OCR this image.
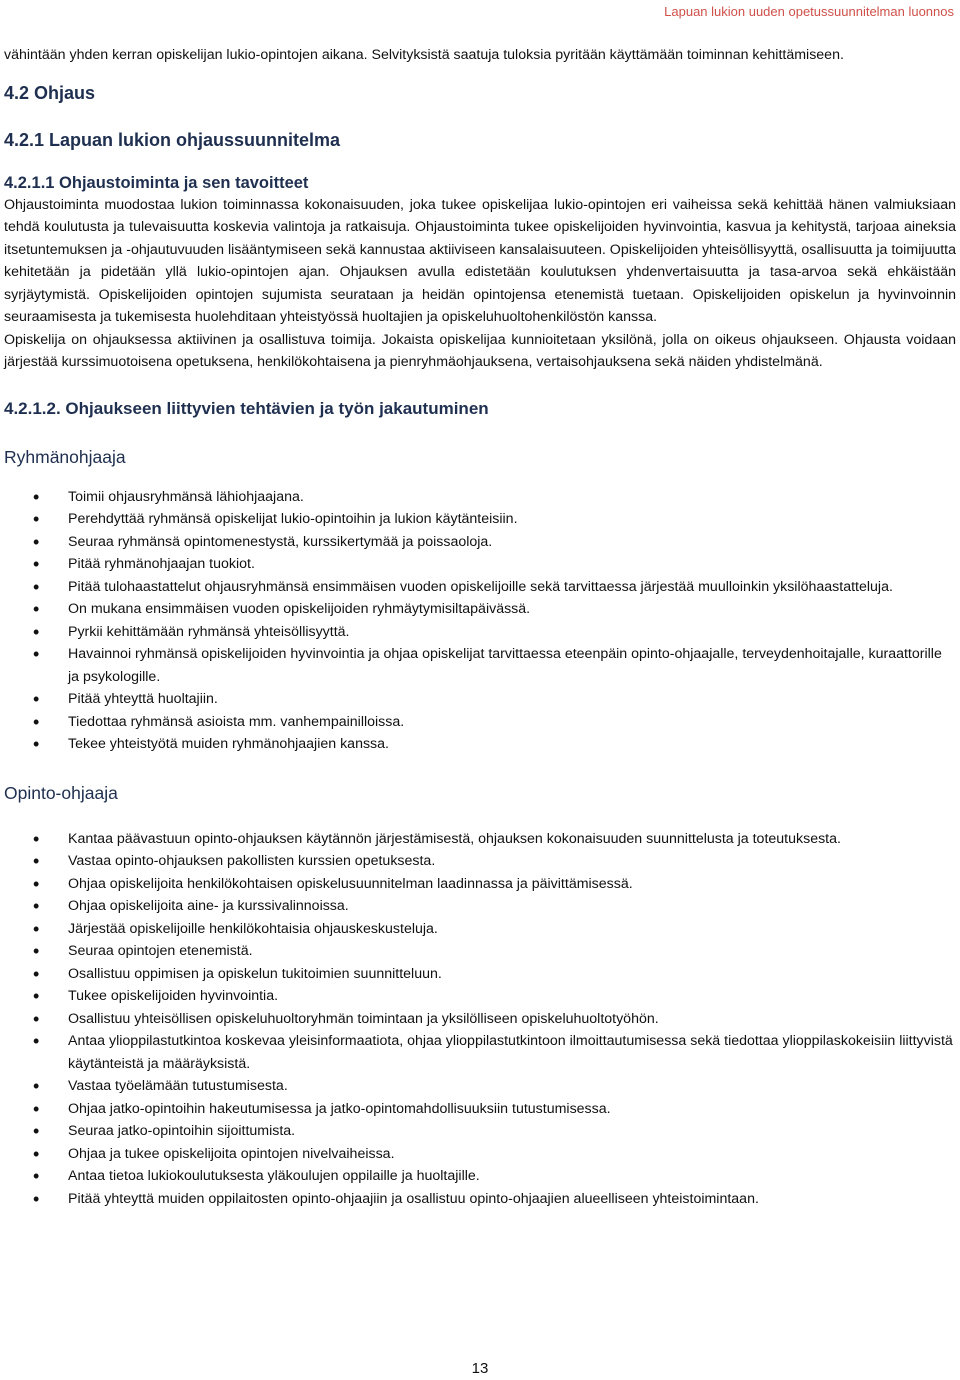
Lapuan lukion uuden opetussuunnitelman luonnos

vähintään yhden kerran opiskelijan lukio-opintojen aikana. Selvityksistä saatuja tuloksia pyritään käyttämään toiminnan kehittämiseen.

4.2 Ohjaus
4.2.1 Lapuan lukion ohjaussuunnitelma
4.2.1.1 Ohjaustoiminta ja sen tavoitteet

Ohjaustoiminta muodostaa lukion toiminnassa kokonaisuuden, joka tukee opiskelijaa lukio-opintojen eri vaiheissa sekä kehittää hänen valmiuksiaan tehdä koulutusta ja tulevaisuutta koskevia valintoja ja ratkaisuja. Ohjaustoiminta tukee opiskelijoiden hyvinvointia, kasvua ja kehitystä, tarjoaa aineksia itsetuntemuksen ja -ohjautuvuuden lisääntymiseen sekä kannustaa aktiiviseen kansalaisuuteen. Opiskelijoiden yhteisöllisyyttä, osallisuutta ja toimijuutta kehitetään ja pidetään yllä lukio-opintojen ajan. Ohjauksen avulla edistetään koulutuksen yhdenvertaisuutta ja tasa-arvoa sekä ehkäistään syrjäytymistä. Opiskelijoiden opintojen sujumista seurataan ja heidän opintojensa etenemistä tuetaan. Opiskelijoiden opiskelun ja hyvinvoinnin seuraamisesta ja tukemisesta huolehditaan yhteistyössä huoltajien ja opiskeluhuoltohenkilöstön kanssa.

Opiskelija on ohjauksessa aktiivinen ja osallistuva toimija. Jokaista opiskelijaa kunnioitetaan yksilönä, jolla on oikeus ohjaukseen. Ohjausta voidaan järjestää kurssimuotoisena opetuksena, henkilökohtaisena ja pienryhmäohjauksena, vertaisohjauksena sekä näiden yhdistelmänä.

4.2.1.2. Ohjaukseen liittyvien tehtävien ja työn jakautuminen
Ryhmänohjaaja
• Toimii ohjausryhmänsä lähiohjaajana.
• Perehdyttää ryhmänsä opiskelijat lukio-opintoihin ja lukion käytänteisiin.
• Seuraa ryhmänsä opintomenestystä, kurssikertymää ja poissaoloja.
• Pitää ryhmänohjaajan tuokiot.
• Pitää tulohaastattelut ohjausryhmänsä ensimmäisen vuoden opiskelijoille sekä tarvittaessa järjestää muulloinkin yksilöhaastatteluja.
• On mukana ensimmäisen vuoden opiskelijoiden ryhmäytymisiltapäivässä.
• Pyrkii kehittämään ryhmänsä yhteisöllisyyttä.
• Havainnoi ryhmänsä opiskelijoiden hyvinvointia ja ohjaa opiskelijat tarvittaessa eteenpäin opinto-ohjaajalle, terveydenhoitajalle, kuraattorille ja psykologille.
• Pitää yhteyttä huoltajiin.
• Tiedottaa ryhmänsä asioista mm. vanhempainilloissa.
• Tekee yhteistyötä muiden ryhmänohjaajien kanssa.
Opinto-ohjaaja
• Kantaa päävastuun opinto-ohjauksen käytännön järjestämisestä, ohjauksen kokonaisuuden suunnittelusta ja toteutuksesta.
• Vastaa opinto-ohjauksen pakollisten kurssien opetuksesta.
• Ohjaa opiskelijoita henkilökohtaisen opiskelusuunnitelman laadinnassa ja päivittämisessä.
• Ohjaa opiskelijoita aine- ja kurssivalinnoissa.
• Järjestää opiskelijoille henkilökohtaisia ohjauskeskusteluja.
• Seuraa opintojen etenemistä.
• Osallistuu oppimisen ja opiskelun tukitoimien suunnitteluun.
• Tukee opiskelijoiden hyvinvointia.
• Osallistuu yhteisöllisen opiskeluhuoltoryhmän toimintaan ja yksilölliseen opiskeluhuoltotyöhön.
• Antaa ylioppilastutkintoa koskevaa yleisinformaatiota, ohjaa ylioppilastutkintoon ilmoittautumisessa sekä tiedottaa ylioppilaskokeisiin liittyvistä käytänteistä ja määräyksistä.
• Vastaa työelämään tutustumisesta.
• Ohjaa jatko-opintoihin hakeutumisessa ja jatko-opintomahdollisuuksiin tutustumisessa.
• Seuraa jatko-opintoihin sijoittumista.
• Ohjaa ja tukee opiskelijoita opintojen nivelvaiheissa.
• Antaa tietoa lukiokoulutuksesta yläkoulujen oppilaille ja huoltajille.
• Pitää yhteyttä muiden oppilaitosten opinto-ohjaajiin ja osallistuu opinto-ohjaajien alueelliseen yhteistoimintaan.
13
